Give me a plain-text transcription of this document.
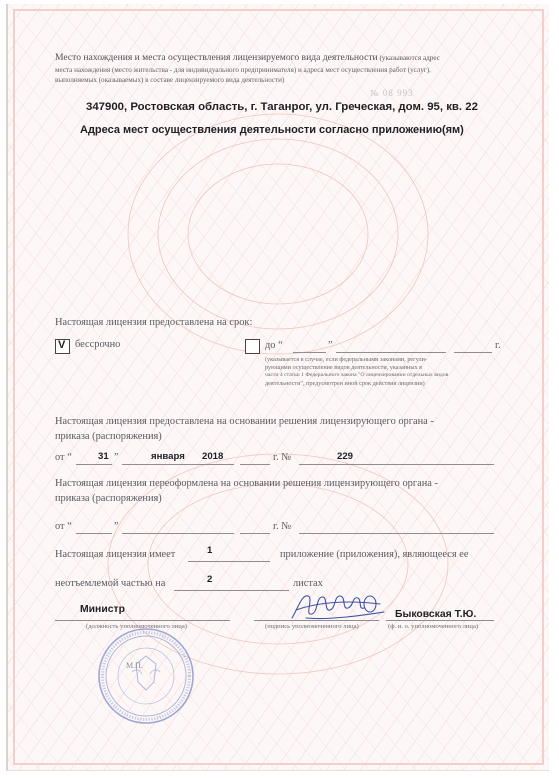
Место нахождения и места осуществления лицензируемого вида деятельности (указываются адрес
места нахождения (место жительства - для индивидуального предпринимателя) и адреса мест осуществления работ (услуг),
выполняемых (оказываемых) в составе лицензируемого вида деятельности)
№ 08 993
347900, Ростовская область, г. Таганрог, ул. Греческая, дом. 95, кв. 22
Адреса мест осуществления деятельности согласно приложению(ям)
Настоящая лицензия предоставлена на срок:
V бессрочно	до “	”	г.
(указывается в случае, если федеральными законами, регули-
рующими осуществление видов деятельности, указанных в
части 4 статьи 1 Федерального закона "О лицензировании отдельных видов
деятельности", предусмотрен иной срок действия лицензии)
Настоящая лицензия предоставлена на основании решения лицензирующего органа -
приказа (распоряжения)
от “	31 ”	января 2018	г. №	229
Настоящая лицензия переоформлена на основании решения лицензирующего органа -
приказа (распоряжения)
от “	”	г. №
Настоящая лицензия имеет	1	приложение (приложения), являющееся ее
неотъемлемой частью на	2	листах
Министр
(должность уполномоченного лица)	(подпись уполномоченного лица)
Быковская Т.Ю.
(ф. и. о. уполномоченного лица)
М.П.
